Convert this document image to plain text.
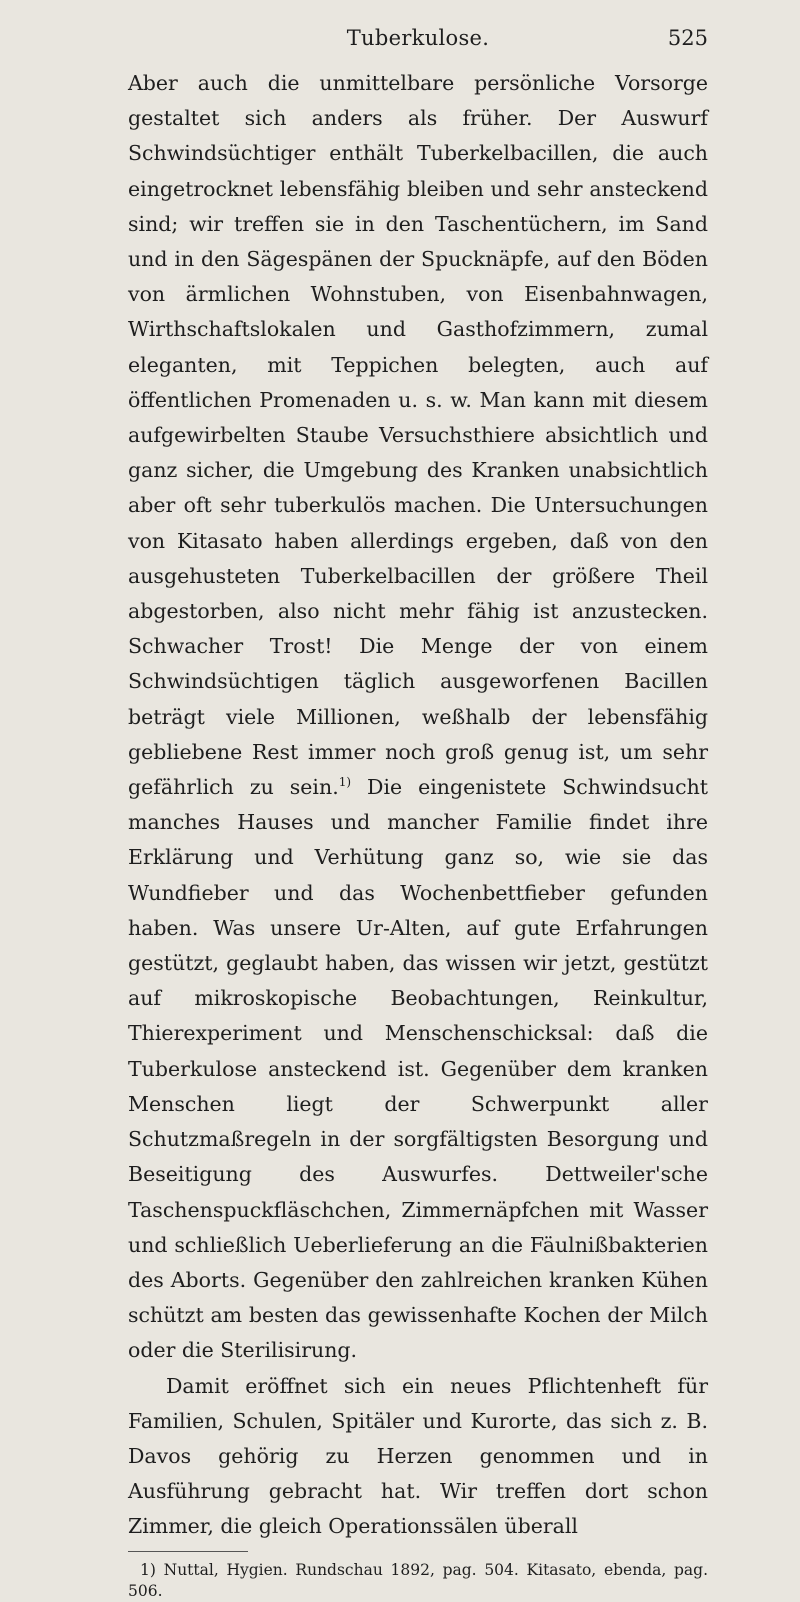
Tuberkulose.	525

Aber auch die unmittelbare persönliche Vorsorge gestaltet sich anders als früher. Der Auswurf Schwindsüchtiger enthält Tuberkelbacillen, die auch eingetrocknet lebensfähig bleiben und sehr ansteckend sind; wir treffen sie in den Taschentüchern, im Sand und in den Sägespänen der Spucknäpfe, auf den Böden von ärmlichen Wohnstuben, von Eisenbahnwagen, Wirthschaftslokalen und Gasthofzimmern, zumal eleganten, mit Teppichen belegten, auch auf öffentlichen Promenaden u. s. w. Man kann mit diesem aufgewirbelten Staube Versuchsthiere absichtlich und ganz sicher, die Umgebung des Kranken unabsichtlich aber oft sehr tuberkulös machen. Die Untersuchungen von Kitasato haben allerdings ergeben, daß von den ausgehusteten Tuberkelbacillen der größere Theil abgestorben, also nicht mehr fähig ist anzustecken. Schwacher Trost! Die Menge der von einem Schwindsüchtigen täglich ausgeworfenen Bacillen beträgt viele Millionen, weßhalb der lebensfähig gebliebene Rest immer noch groß genug ist, um sehr gefährlich zu sein.$^{1)}$ Die eingenistete Schwindsucht manches Hauses und mancher Familie findet ihre Erklärung und Verhütung ganz so, wie sie das Wundfieber und das Wochenbettfieber gefunden haben. Was unsere Ur-Alten, auf gute Erfahrungen gestützt, geglaubt haben, das wissen wir jetzt, gestützt auf mikroskopische Beobachtungen, Reinkultur, Thierexperiment und Menschenschicksal: daß die Tuberkulose ansteckend ist. Gegenüber dem kranken Menschen liegt der Schwerpunkt aller Schutzmaßregeln in der sorgfältigsten Besorgung und Beseitigung des Auswurfes. Dettweiler'sche Taschenspuckfläschchen, Zimmernäpfchen mit Wasser und schließlich Ueberlieferung an die Fäulnißbakterien des Aborts. Gegenüber den zahlreichen kranken Kühen schützt am besten das gewissenhafte Kochen der Milch oder die Sterilisirung.

Damit eröffnet sich ein neues Pflichtenheft für Familien, Schulen, Spitäler und Kurorte, das sich z. B. Davos gehörig zu Herzen genommen und in Ausführung gebracht hat. Wir treffen dort schon Zimmer, die gleich Operationssälen überall

1) Nuttal, Hygien. Rundschau 1892, pag. 504. Kitasato, ebenda, pag. 506.
